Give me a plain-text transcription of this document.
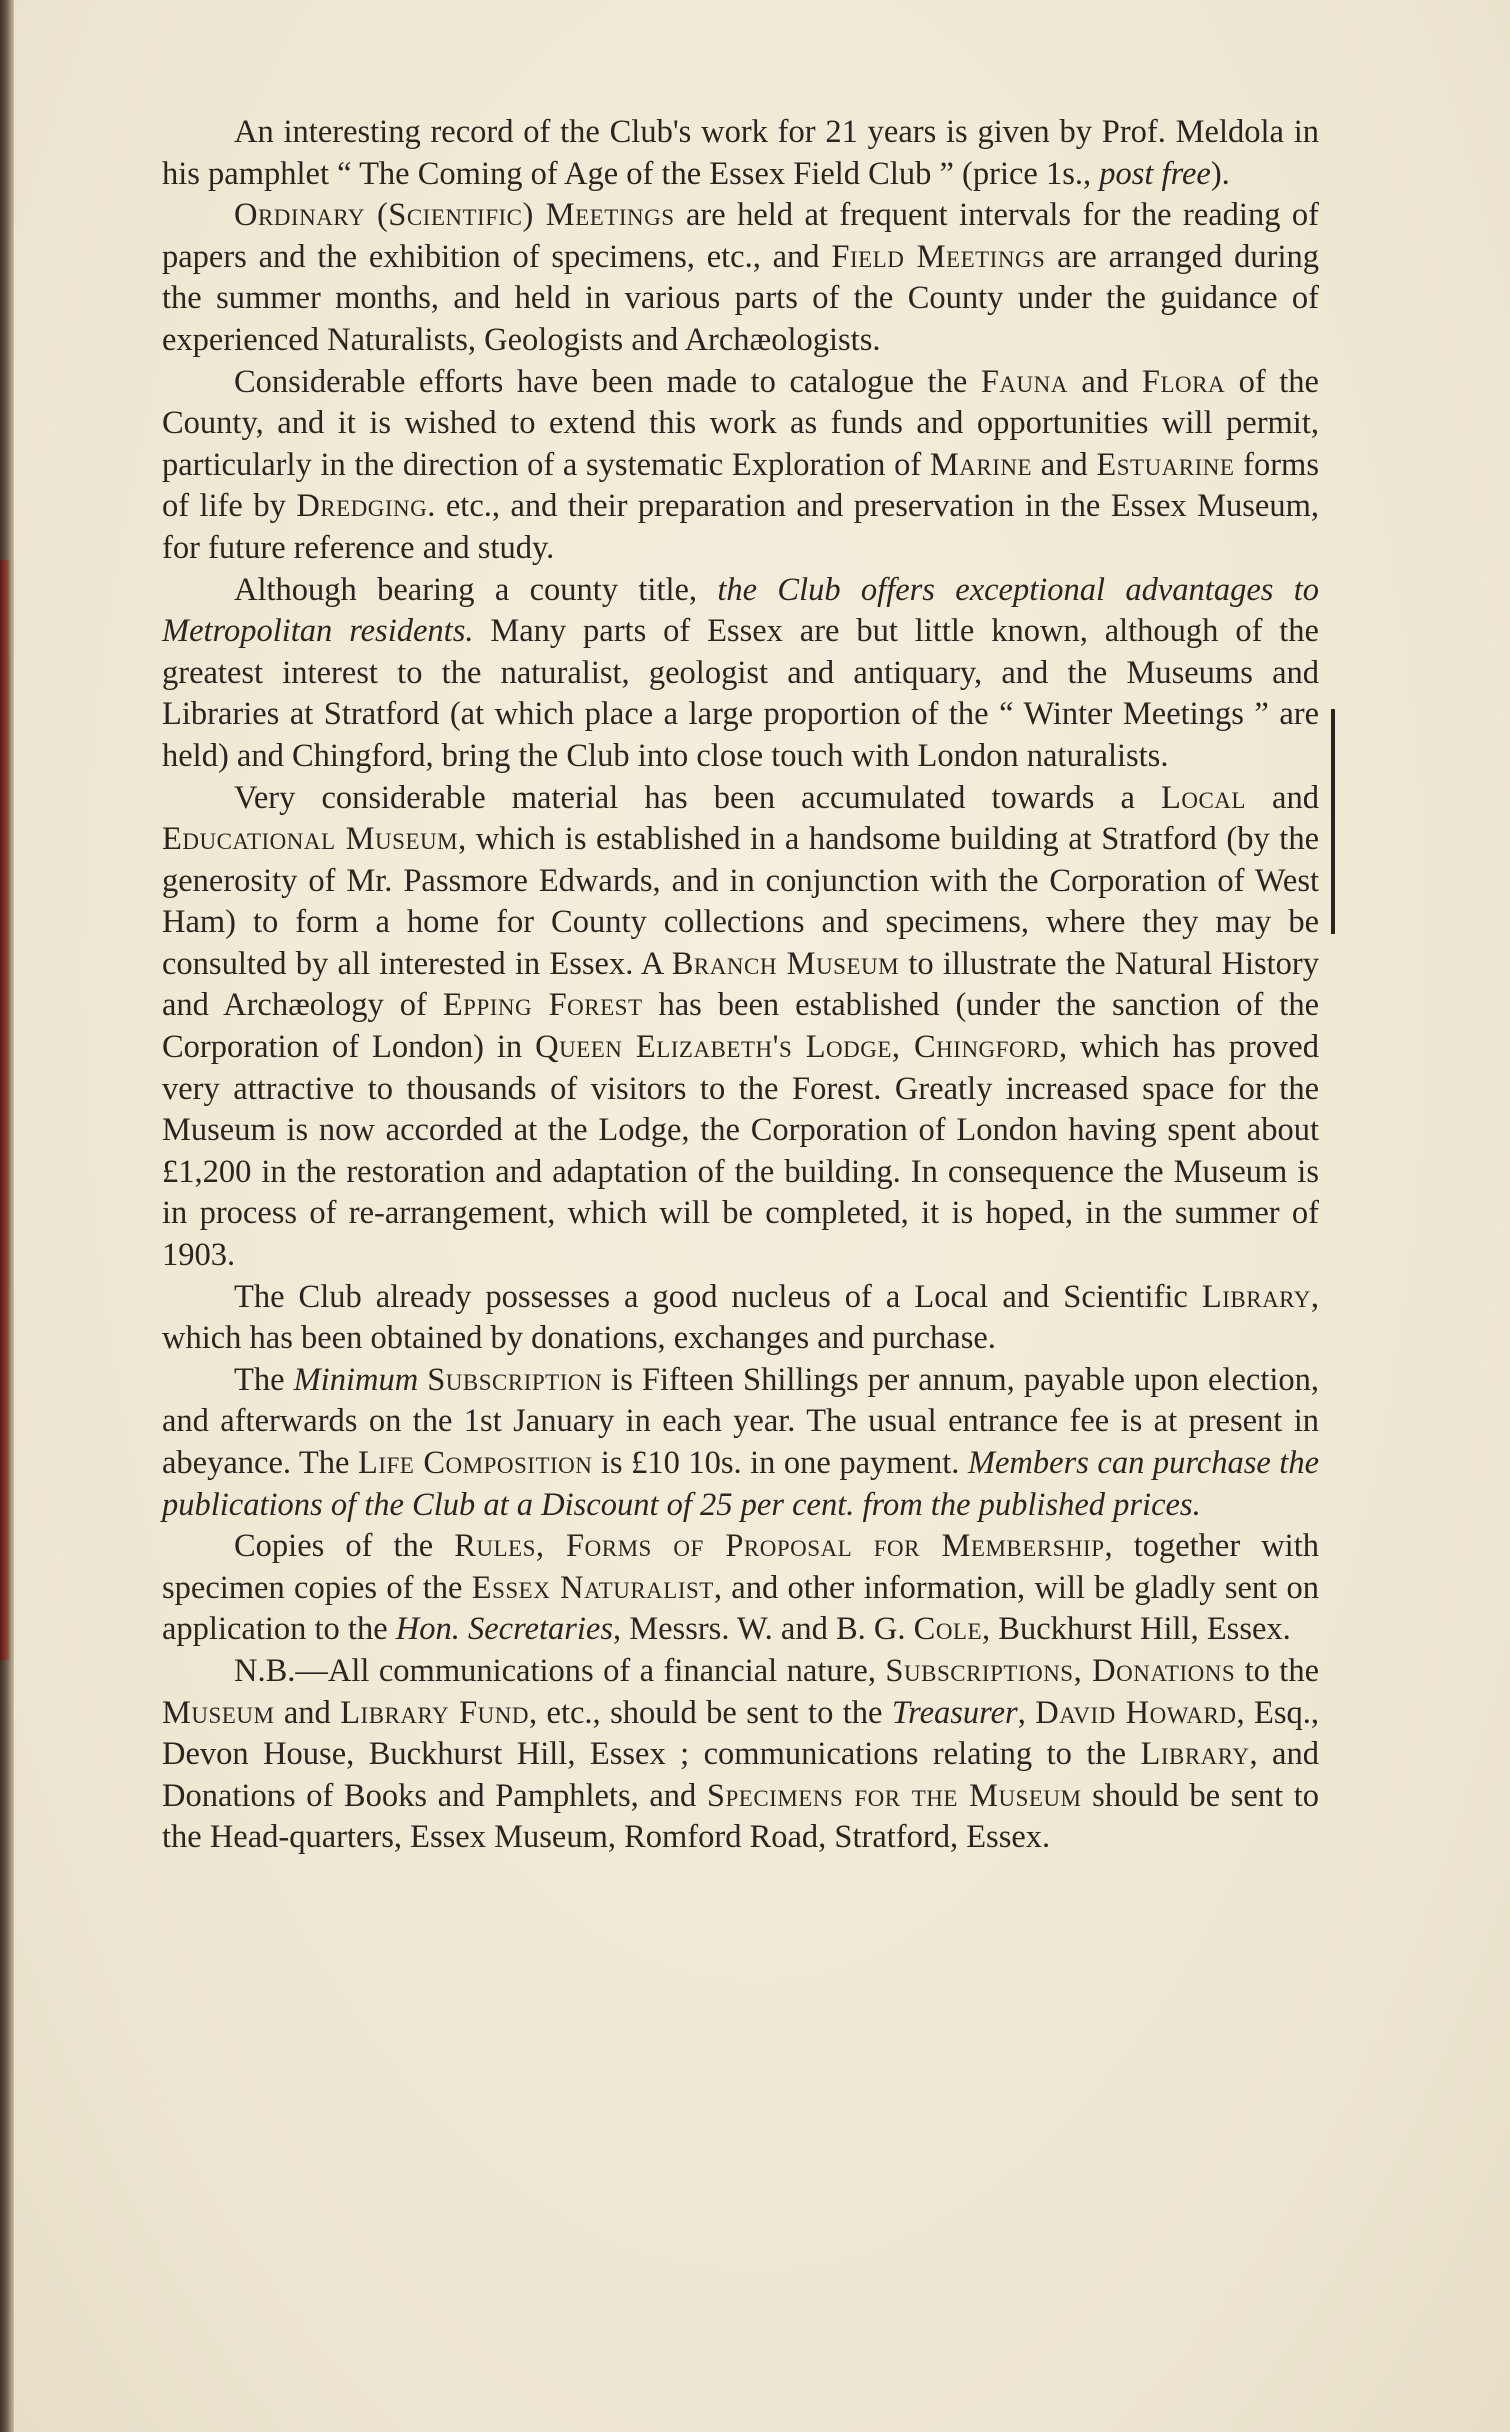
An interesting record of the Club's work for 21 years is given by Prof. Meldola in his pamphlet “ The Coming of Age of the Essex Field Club ” (price 1s., post free).

Ordinary (Scientific) Meetings are held at frequent intervals for the reading of papers and the exhibition of specimens, etc., and Field Meetings are arranged during the summer months, and held in various parts of the County under the guidance of experienced Naturalists, Geologists and Archæologists.

Considerable efforts have been made to catalogue the Fauna and Flora of the County, and it is wished to extend this work as funds and opportunities will permit, particularly in the direction of a systematic Exploration of Marine and Estuarine forms of life by Dredging. etc., and their preparation and preservation in the Essex Museum, for future reference and study.

Although bearing a county title, the Club offers exceptional advantages to Metropolitan residents. Many parts of Essex are but little known, although of the greatest interest to the naturalist, geologist and antiquary, and the Museums and Libraries at Stratford (at which place a large proportion of the “ Winter Meetings ” are held) and Chingford, bring the Club into close touch with London naturalists.

Very considerable material has been accumulated towards a Local and Educational Museum, which is established in a handsome building at Stratford (by the generosity of Mr. Passmore Edwards, and in conjunction with the Corporation of West Ham) to form a home for County collections and specimens, where they may be consulted by all interested in Essex. A Branch Museum to illustrate the Natural History and Archæology of Epping Forest has been established (under the sanction of the Corporation of London) in Queen Elizabeth's Lodge, Chingford, which has proved very attractive to thousands of visitors to the Forest. Greatly increased space for the Museum is now accorded at the Lodge, the Corporation of London having spent about £1,200 in the restoration and adaptation of the building. In consequence the Museum is in process of re-arrangement, which will be completed, it is hoped, in the summer of 1903.

The Club already possesses a good nucleus of a Local and Scientific Library, which has been obtained by donations, exchanges and purchase.

The Minimum Subscription is Fifteen Shillings per annum, payable upon election, and afterwards on the 1st January in each year. The usual entrance fee is at present in abeyance. The Life Composition is £10 10s. in one payment. Members can purchase the publications of the Club at a Discount of 25 per cent. from the published prices.

Copies of the Rules, Forms of Proposal for Membership, together with specimen copies of the Essex Naturalist, and other information, will be gladly sent on application to the Hon. Secretaries, Messrs. W. and B. G. Cole, Buckhurst Hill, Essex.

N.B.—All communications of a financial nature, Subscriptions, Donations to the Museum and Library Fund, etc., should be sent to the Treasurer, David Howard, Esq., Devon House, Buckhurst Hill, Essex ; communications relating to the Library, and Donations of Books and Pamphlets, and Specimens for the Museum should be sent to the Head-quarters, Essex Museum, Romford Road, Stratford, Essex.
